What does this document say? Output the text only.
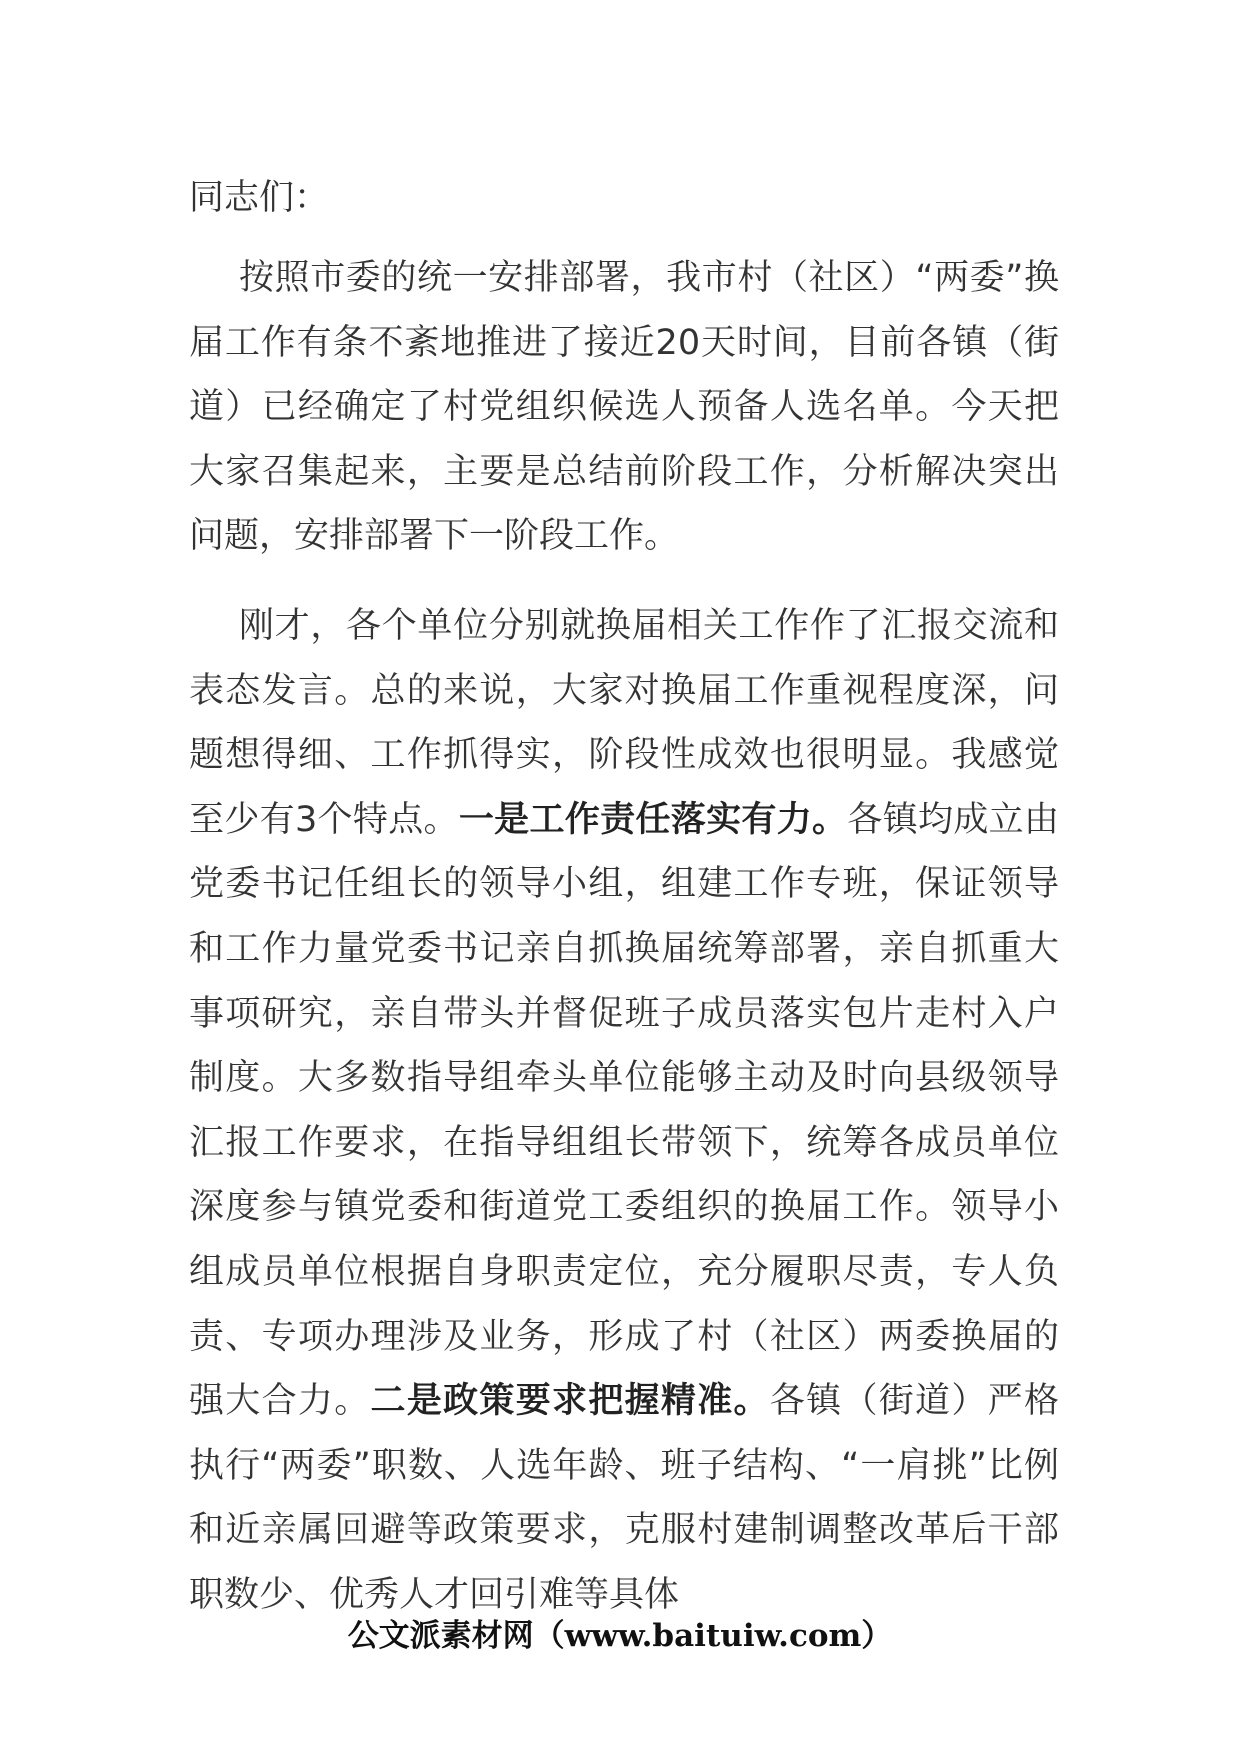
同志们：

按照市委的统一安排部署，我市村（社区）“两委”换届工作有条不紊地推进了接近20天时间，目前各镇（街道）已经确定了村党组织候选人预备人选名单。今天把大家召集起来，主要是总结前阶段工作，分析解决突出问题，安排部署下一阶段工作。

刚才，各个单位分别就换届相关工作作了汇报交流和表态发言。总的来说，大家对换届工作重视程度深，问题想得细、工作抓得实，阶段性成效也很明显。我感觉至少有3个特点。一是工作责任落实有力。各镇均成立由党委书记任组长的领导小组，组建工作专班，保证领导和工作力量党委书记亲自抓换届统筹部署，亲自抓重大事项研究，亲自带头并督促班子成员落实包片走村入户制度。大多数指导组牵头单位能够主动及时向县级领导汇报工作要求，在指导组组长带领下，统筹各成员单位深度参与镇党委和街道党工委组织的换届工作。领导小组成员单位根据自身职责定位，充分履职尽责，专人负责、专项办理涉及业务，形成了村（社区）两委换届的强大合力。二是政策要求把握精准。各镇（街道）严格执行“两委”职数、人选年龄、班子结构、“一肩挑”比例和近亲属回避等政策要求，克服村建制调整改革后干部职数少、优秀人才回引难等具体

公文派素材网（www.baituiw.com）
